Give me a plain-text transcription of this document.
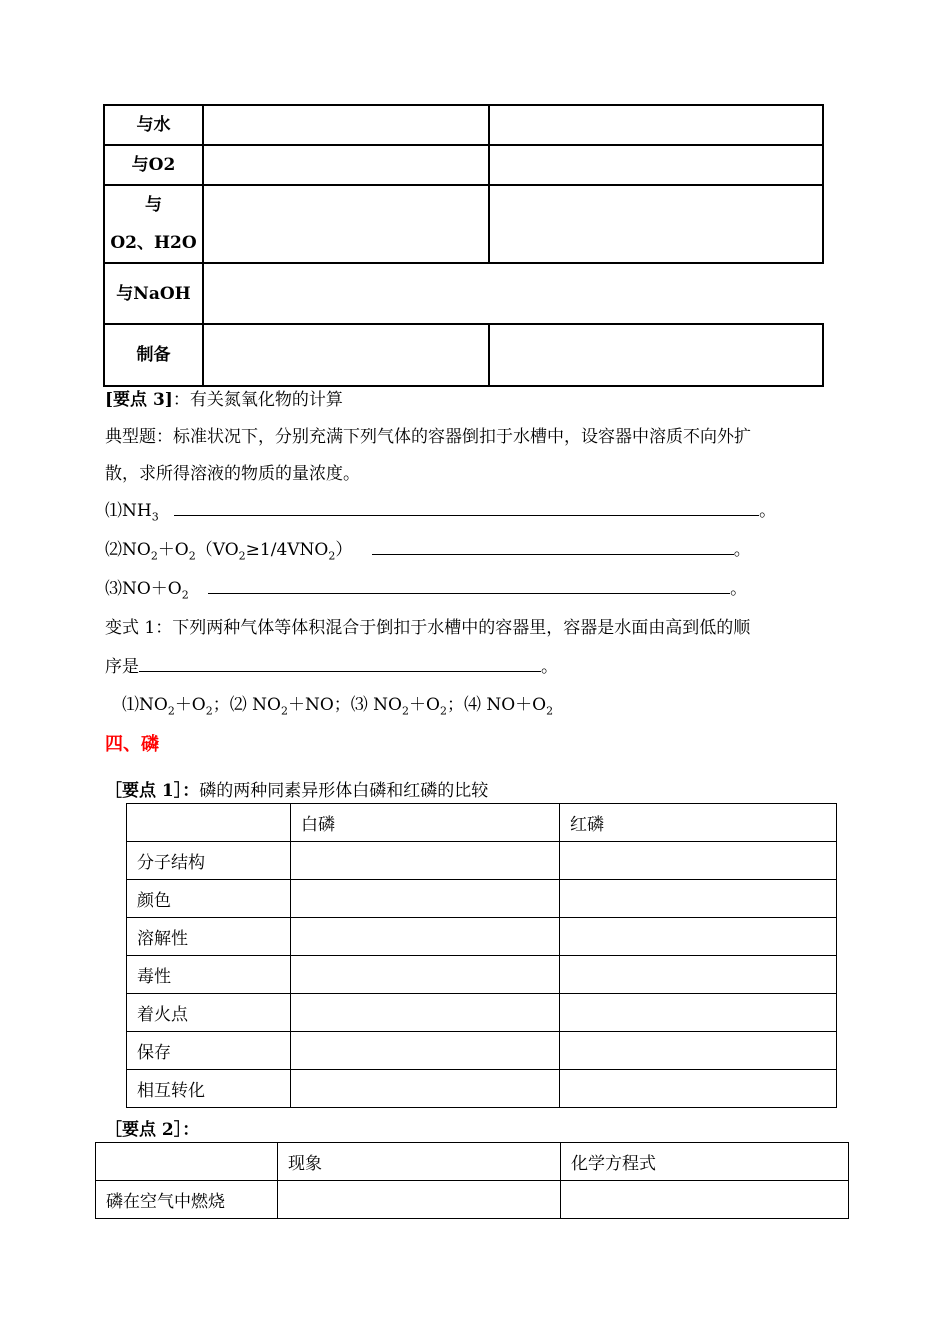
与水		
与O2		

与
O2、H2O		

与NaOH		
制备		
[要点 3]：有关氮氧化物的计算
典型题：标准状况下，分别充满下列气体的容器倒扣于水槽中，设容器中溶质不向外扩
散，求所得溶液的物质的量浓度。
$⑴NH_3$	。
$⑵NO_2+O_2(VO_2\ge 1/4VNO_2)$	。
$⑶NO+O_2$	。
变式 1：下列两种气体等体积混合于倒扣于水槽中的容器里，容器是水面由高到低的顺
序是	。
$⑴NO_2+O_2$；⑵ $NO_2+NO$；⑶ $NO_2+O_2$；⑷ $NO+O_2$
四、磷
［要点 1］：磷的两种同素异形体白磷和红磷的比较
	白磷	红磷
分子结构		
颜色		
溶解性		
毒性		
着火点		
保存		
相互转化		
［要点 2］：
	现象	化学方程式
磷在空气中燃烧		
